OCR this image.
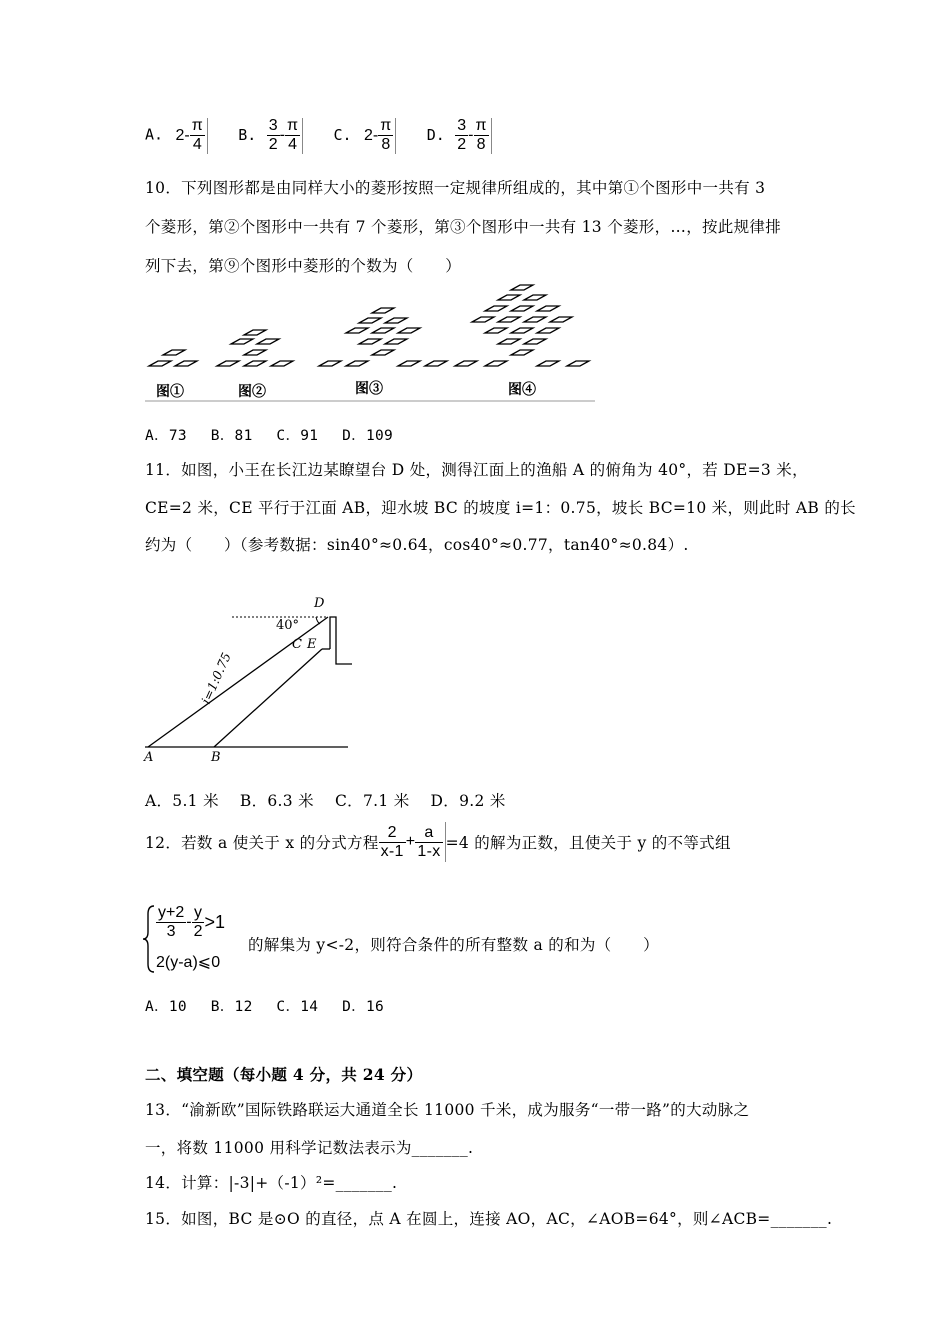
A. $2- \frac{\pi}{4} B$. $\frac{3}{2} - \frac{\pi}{4} C$. $2- \frac{\pi}{8} D$. $\frac{3}{2} - \frac{\pi}{8}$
10．下列图形都是由同样大小的菱形按照一定规律所组成的，其中第①个图形中一共有 3
个菱形，第②个图形中一共有 7 个菱形，第③个图形中一共有 13 个菱形，…，按此规律排
列下去，第⑨个图形中菱形的个数为（　　）
图①	图②	图③	图④
A．73　 B．81　 C．91　 D．109
11．如图，小王在长江边某瞭望台 D 处，测得江面上的渔船 A 的俯角为 40°，若 DE=3 米，
CE=2 米，CE 平行于江面 AB，迎水坡 BC 的坡度 i=1：0.75，坡长 BC=10 米，则此时 AB 的长
约为（　　）（参考数据：sin40°≈0.64，cos40°≈0.77，tan40°≈0.84）.
D
40°
C E
i=1:0.75
A	B
A．5.1 米　 B．6.3 米　 C．7.1 米　 D．9.2 米
12．若数 a 使关于 x 的分式方程 $\frac{2}{x-1} + \frac{a}{1-x} =4$ 的解为正数，且使关于 y 的不等式组
$\frac{y+2}{3} - \frac{y}{2} >1$
2(y-a)⩽0
的解集为 y<-2，则符合条件的所有整数 a 的和为（　　）
A．10　 B．12　 C．14　 D．16
二、填空题（每小题 4 分，共 24 分）
13．“渝新欧”国际铁路联运大通道全长 11000 千米，成为服务“一带一路”的大动脉之
一，将数 11000 用科学记数法表示为_______.
14．计算：|-3|+（-1）²=_______.
15．如图，BC 是⊙O 的直径，点 A 在圆上，连接 AO，AC，∠AOB=64°，则∠ACB=_______.
